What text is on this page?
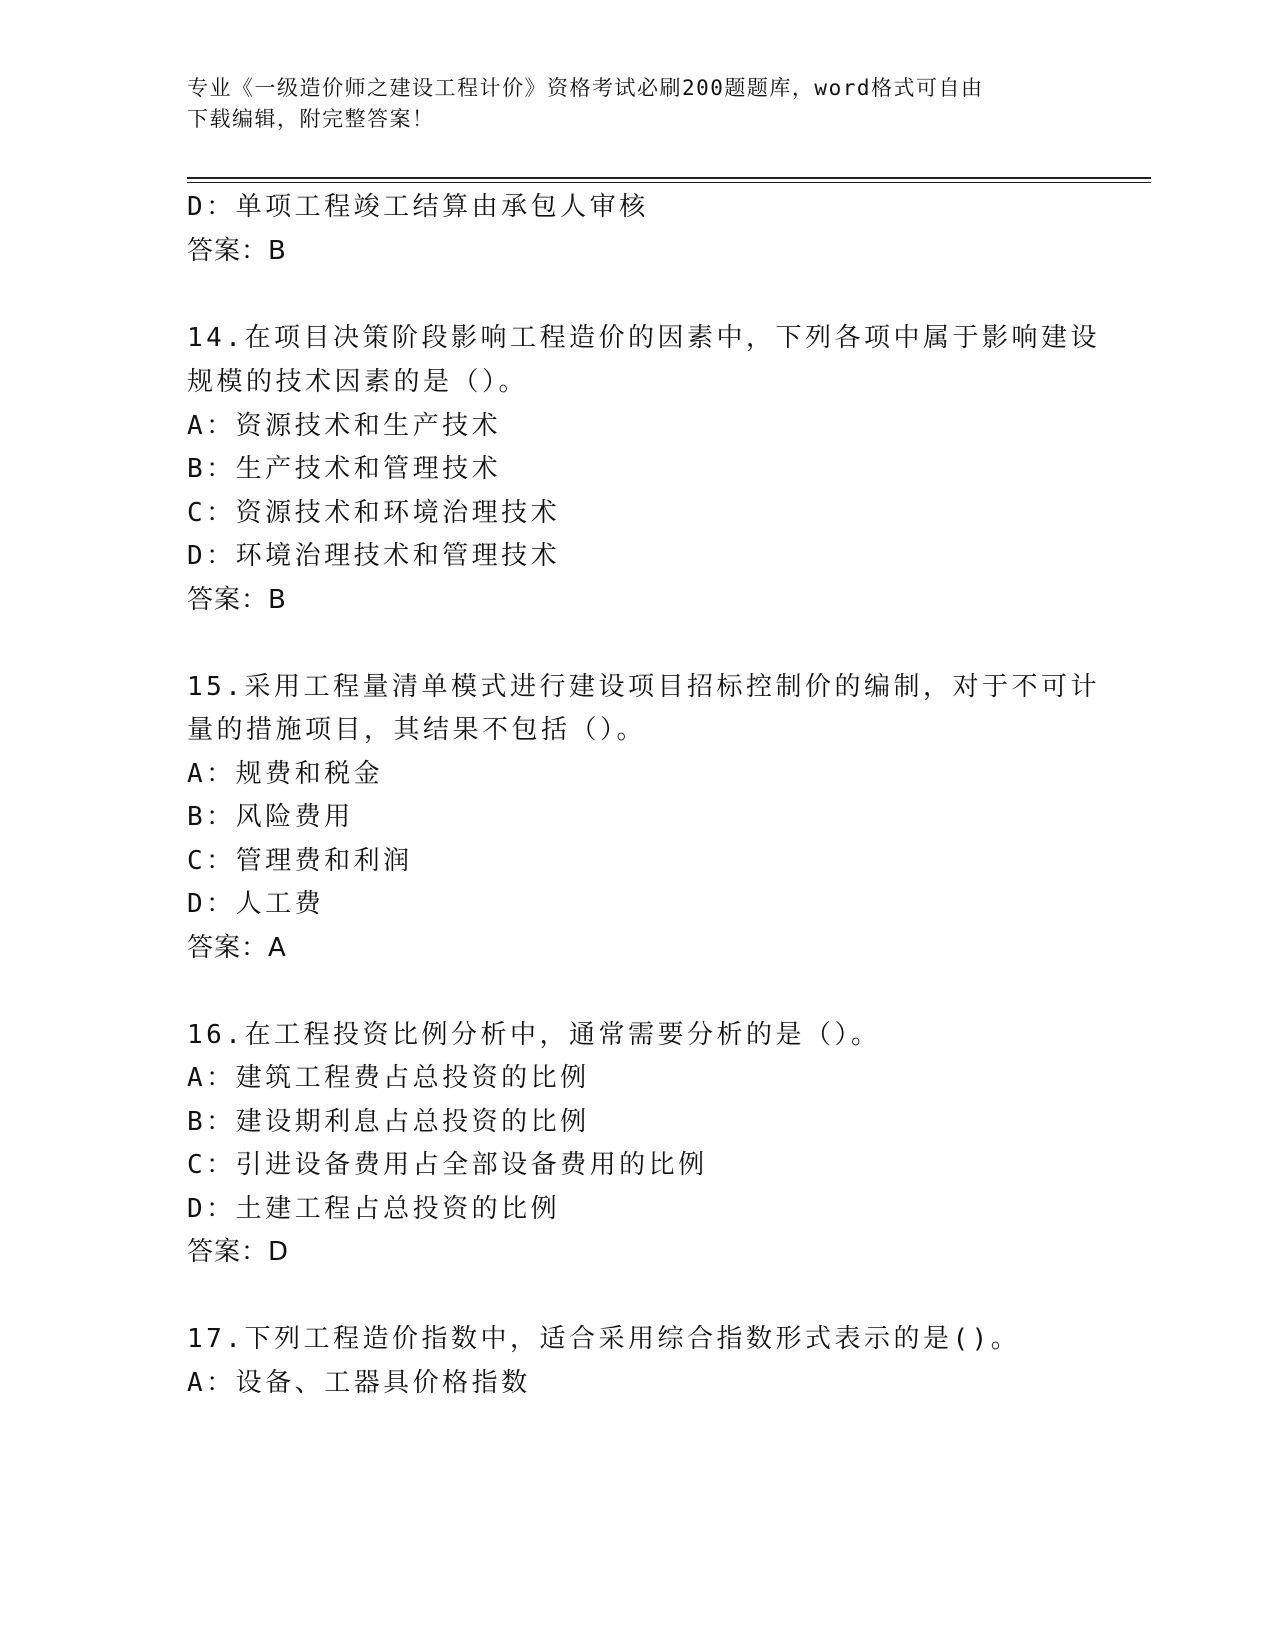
专业《一级造价师之建设工程计价》资格考试必刷200题题库，word格式可自由
下载编辑，附完整答案！

D：单项工程竣工结算由承包人审核

答案：B

14.在项目决策阶段影响工程造价的因素中，下列各项中属于影响建设

规模的技术因素的是（）。

A：资源技术和生产技术

B：生产技术和管理技术

C：资源技术和环境治理技术

D：环境治理技术和管理技术

答案：B

15.采用工程量清单模式进行建设项目招标控制价的编制，对于不可计

量的措施项目，其结果不包括（）。

A：规费和税金

B：风险费用

C：管理费和利润

D：人工费

答案：A

16.在工程投资比例分析中，通常需要分析的是（）。

A：建筑工程费占总投资的比例

B：建设期利息占总投资的比例

C：引进设备费用占全部设备费用的比例

D：土建工程占总投资的比例

答案：D

17.下列工程造价指数中，适合采用综合指数形式表示的是()。

A：设备、工器具价格指数
